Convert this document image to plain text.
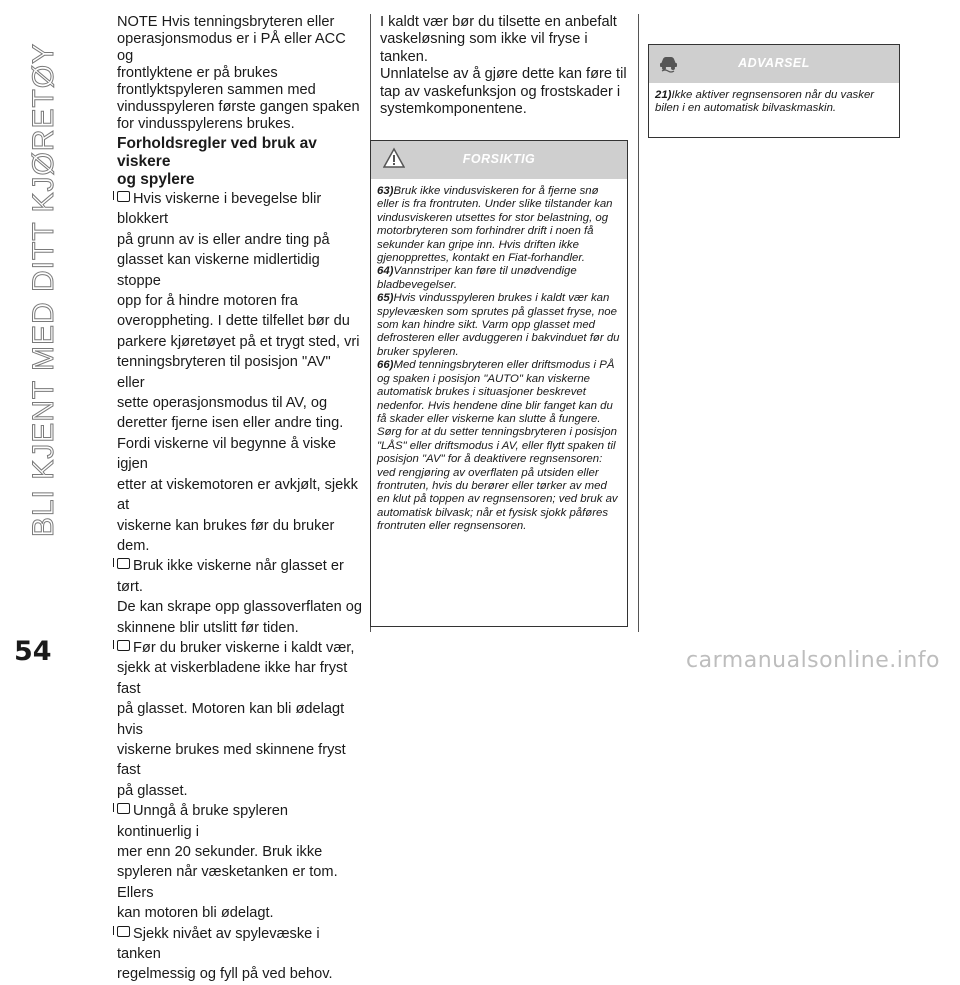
BLI KJENT MED DITT KJØRETØY
54

NOTE Hvis tenningsbryteren eller
operasjonsmodus er i PÅ eller ACC og
frontlyktene er på brukes
frontlyktspyleren sammen med
vindusspyleren første gangen spaken
for vindusspylerens brukes.

Forholdsregler ved bruk av viskere
og spylere

Hvis viskerne i bevegelse blir blokkert
på grunn av is eller andre ting på
glasset kan viskerne midlertidig stoppe
opp for å hindre motoren fra
overoppheting. I dette tilfellet bør du
parkere kjøretøyet på et trygt sted, vri
tenningsbryteren til posisjon "AV" eller
sette operasjonsmodus til AV, og
deretter fjerne isen eller andre ting.
Fordi viskerne vil begynne å viske igjen
etter at viskemotoren er avkjølt, sjekk at
viskerne kan brukes før du bruker dem.

Bruk ikke viskerne når glasset er tørt.
De kan skrape opp glassoverflaten og
skinnene blir utslitt før tiden.

Før du bruker viskerne i kaldt vær,
sjekk at viskerbladene ikke har fryst fast
på glasset. Motoren kan bli ødelagt hvis
viskerne brukes med skinnene fryst fast
på glasset.

Unngå å bruke spyleren kontinuerlig i
mer enn 20 sekunder. Bruk ikke
spyleren når væsketanken er tom. Ellers
kan motoren bli ødelagt.

Sjekk nivået av spylevæske i tanken
regelmessig og fyll på ved behov.

I kaldt vær bør du tilsette en anbefalt
vaskeløsning som ikke vil fryse i tanken.
Unnlatelse av å gjøre dette kan føre til
tap av vaskefunksjon og frostskader i
systemkomponentene.

FORSIKTIG

63)Bruk ikke vindusviskeren for å fjerne snø eller is fra frontruten. Under slike tilstander kan vindusviskeren utsettes for stor belastning, og motorbryteren som forhindrer drift i noen få sekunder kan gripe inn. Hvis driften ikke gjenopprettes, kontakt en Fiat-forhandler.

64)Vannstriper kan føre til unødvendige bladbevegelser.

65)Hvis vindusspyleren brukes i kaldt vær kan spylevæsken som sprutes på glasset fryse, noe som kan hindre sikt. Varm opp glasset med defrosteren eller avduggeren i bakvinduet før du bruker spyleren.

66)Med tenningsbryteren eller driftsmodus i PÅ og spaken i posisjon "AUTO" kan viskerne automatisk brukes i situasjoner beskrevet nedenfor. Hvis hendene dine blir fanget kan du få skader eller viskerne kan slutte å fungere. Sørg for at du setter tenningsbryteren i posisjon "LÅS" eller driftsmodus i AV, eller flytt spaken til posisjon "AV" for å deaktivere regnsensoren: ved rengjøring av overflaten på utsiden eller frontruten, hvis du berører eller tørker av med en klut på toppen av regnsensoren; ved bruk av automatisk bilvask; når et fysisk sjokk påføres frontruten eller regnsensoren.

ADVARSEL

21)Ikke aktiver regnsensoren når du vasker bilen i en automatisk bilvaskmaskin.

carmanualsonline.info
